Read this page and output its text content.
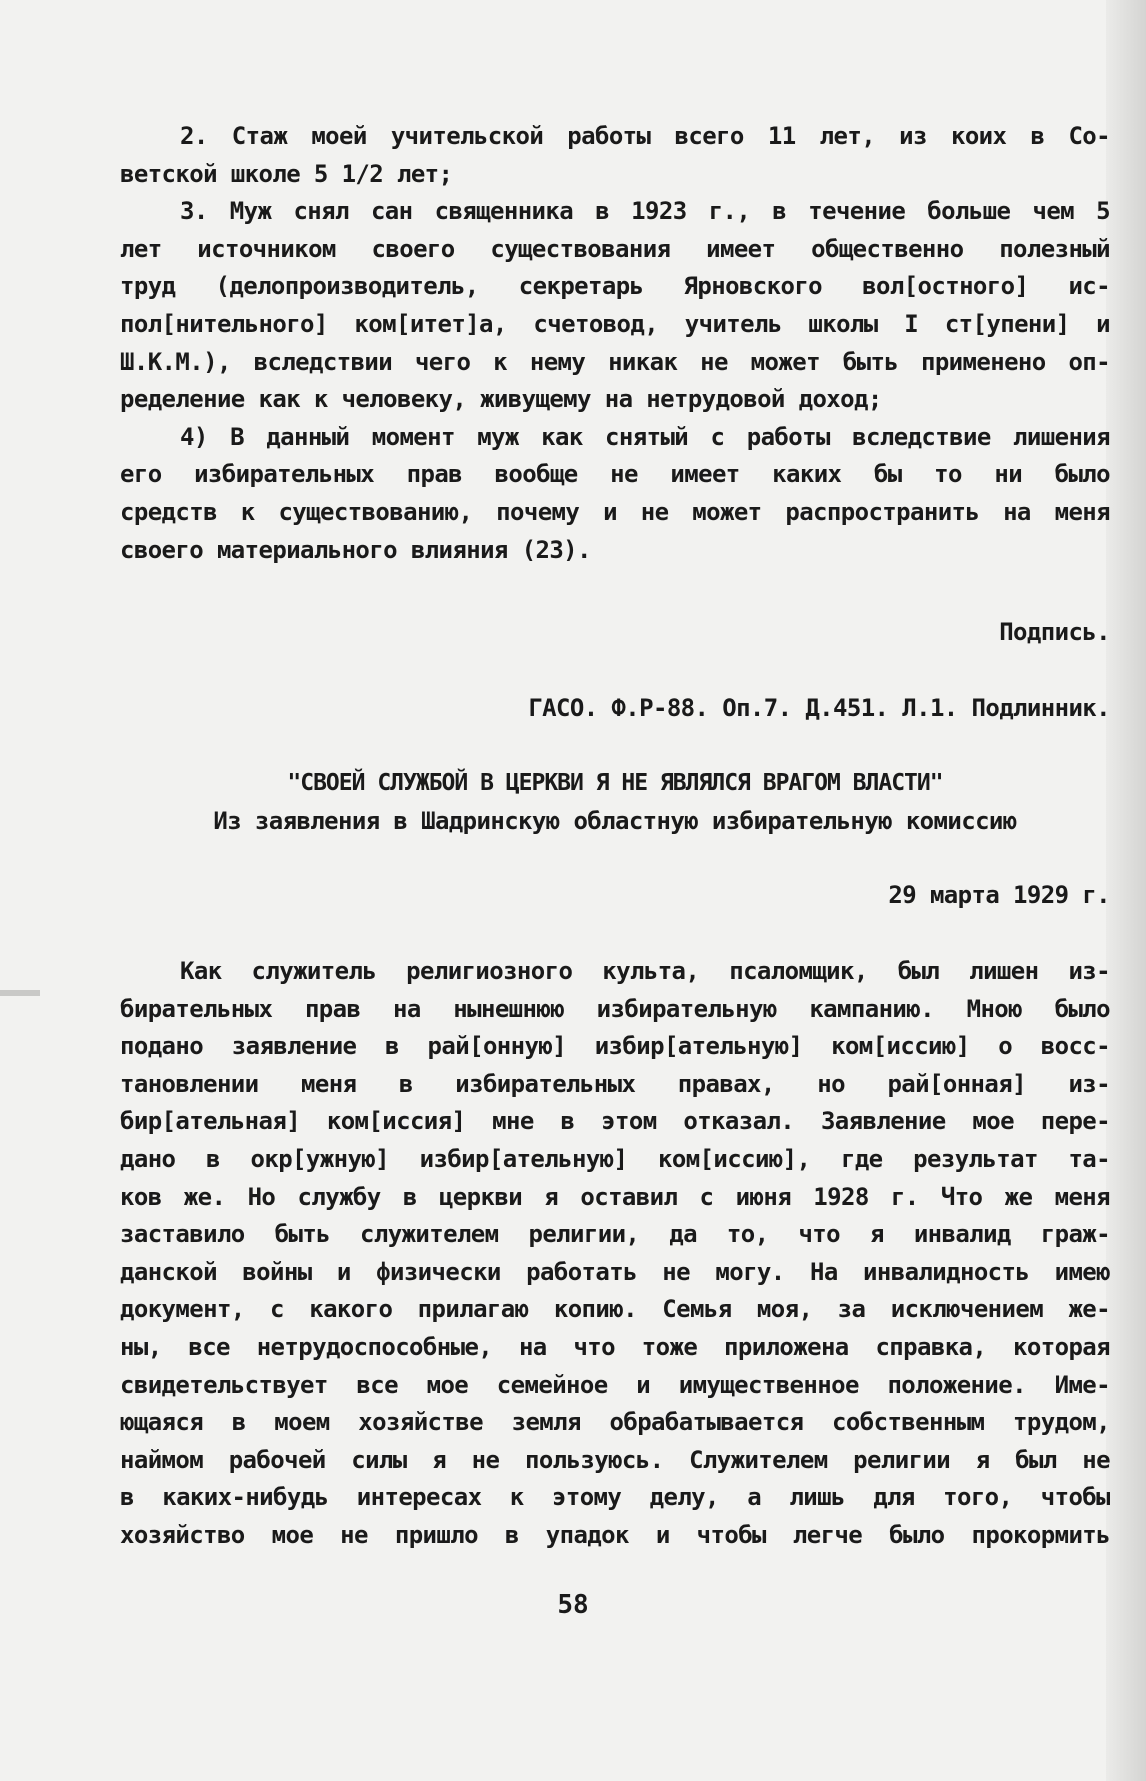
2. Стаж моей учительской работы всего 11 лет, из коих в Со-
ветской школе 5 1/2 лет;
3. Муж снял сан священника в 1923 г., в течение больше чем 5
лет источником своего существования имеет общественно полезный
труд (делопроизводитель, секретарь Ярновского вол[остного] ис-
пол[нительного] ком[итет]а, счетовод, учитель школы I ст[упени] и
Ш.К.М.), вследствии чего к нему никак не может быть применено оп-
ределение как к человеку, живущему на нетрудовой доход;
4) В данный момент муж как снятый с работы вследствие лишения
его избирательных прав вообще не имеет каких бы то ни было
средств к существованию, почему и не может распространить на меня
своего материального влияния (23).
Подпись.
ГАСО. Ф.Р-88. Оп.7. Д.451. Л.1. Подлинник.
"СВОЕЙ СЛУЖБОЙ В ЦЕРКВИ Я НЕ ЯВЛЯЛСЯ ВРАГОМ ВЛАСТИ"
Из заявления в Шадринскую областную избирательную комиссию
29 марта 1929 г.
Как служитель религиозного культа, псаломщик, был лишен из-
бирательных прав на нынешнюю избирательную кампанию. Мною было
подано заявление в рай[онную] избир[ательную] ком[иссию] о восс-
тановлении меня в избирательных правах, но рай[онная] из-
бир[ательная] ком[иссия] мне в этом отказал. Заявление мое пере-
дано в окр[ужную] избир[ательную] ком[иссию], где результат та-
ков же. Но службу в церкви я оставил с июня 1928 г. Что же меня
заставило быть служителем религии, да то, что я инвалид граж-
данской войны и физически работать не могу. На инвалидность имею
документ, с какого прилагаю копию. Семья моя, за исключением же-
ны, все нетрудоспособные, на что тоже приложена справка, которая
свидетельствует все мое семейное и имущественное положение. Име-
ющаяся в моем хозяйстве земля обрабатывается собственным трудом,
наймом рабочей силы я не пользуюсь. Служителем религии я был не
в каких-нибудь интересах к этому делу, а лишь для того, чтобы
хозяйство мое не пришло в упадок и чтобы легче было прокормить
58
